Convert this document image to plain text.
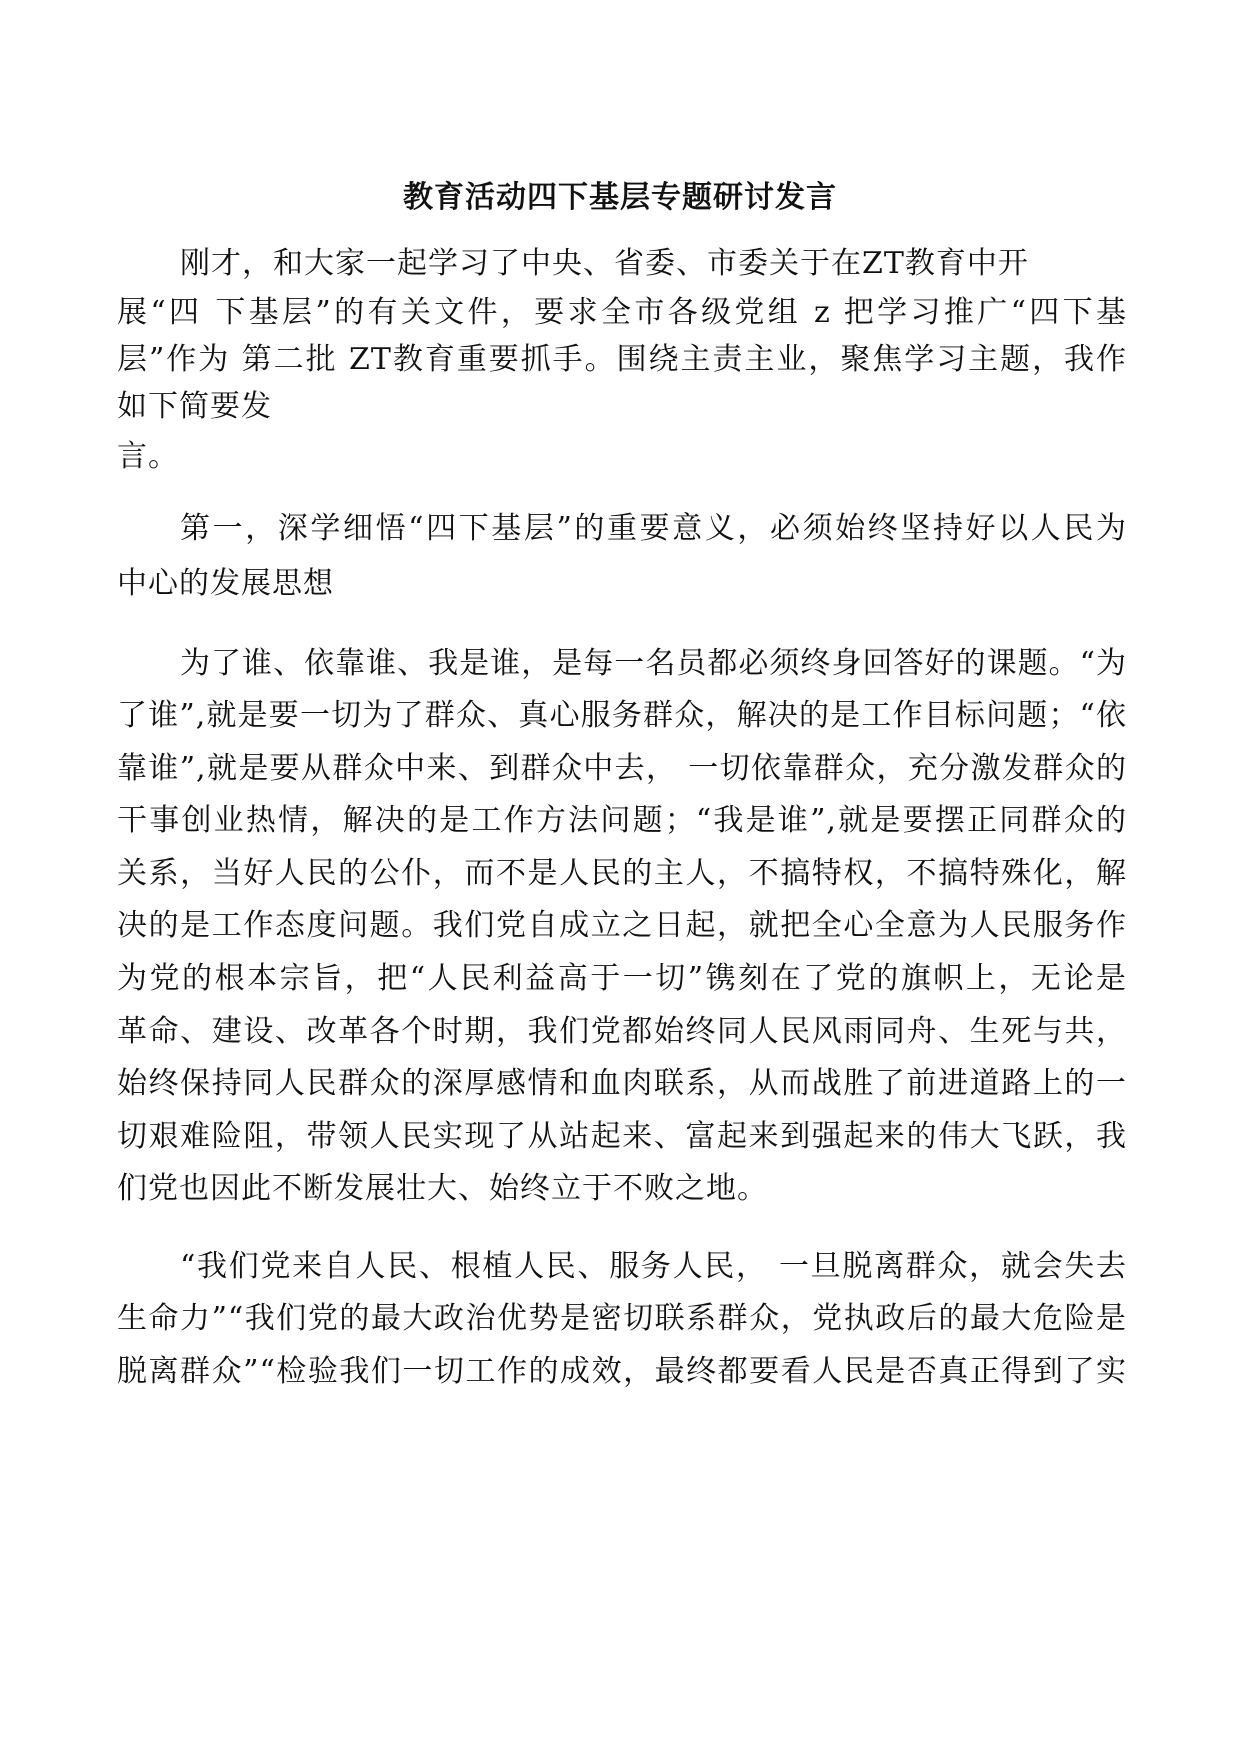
教育活动四下基层专题研讨发言
刚才，和大家一起学习了中央、省委、市委关于在ZT教育中开
展“四 下基层”的有关文件，要求全市各级党组 z 把学习推广“四下基
层”作为 第二批 ZT教育重要抓手。围绕主责主业，聚焦学习主题，我作
如下简要发
言。
第一，深学细悟“四下基层”的重要意义，必须始终坚持好以人民为
中心的发展思想
为了谁、依靠谁、我是谁，是每一名员都必须终身回答好的课题。“为
了谁”,就是要一切为了群众、真心服务群众，解决的是工作目标问题；“依
靠谁”,就是要从群众中来、到群众中去， 一切依靠群众，充分激发群众的
干事创业热情，解决的是工作方法问题；“我是谁”,就是要摆正同群众的
关系，当好人民的公仆，而不是人民的主人，不搞特权，不搞特殊化，解
决的是工作态度问题。我们党自成立之日起，就把全心全意为人民服务作
为党的根本宗旨，把“人民利益高于一切”镌刻在了党的旗帜上，无论是
革命、建设、改革各个时期，我们党都始终同人民风雨同舟、生死与共，
始终保持同人民群众的深厚感情和血肉联系，从而战胜了前进道路上的一
切艰难险阻，带领人民实现了从站起来、富起来到强起来的伟大飞跃，我
们党也因此不断发展壮大、始终立于不败之地。
“我们党来自人民、根植人民、服务人民， 一旦脱离群众，就会失去
生命力”“我们党的最大政治优势是密切联系群众，党执政后的最大危险是
脱离群众”“检验我们一切工作的成效，最终都要看人民是否真正得到了实
